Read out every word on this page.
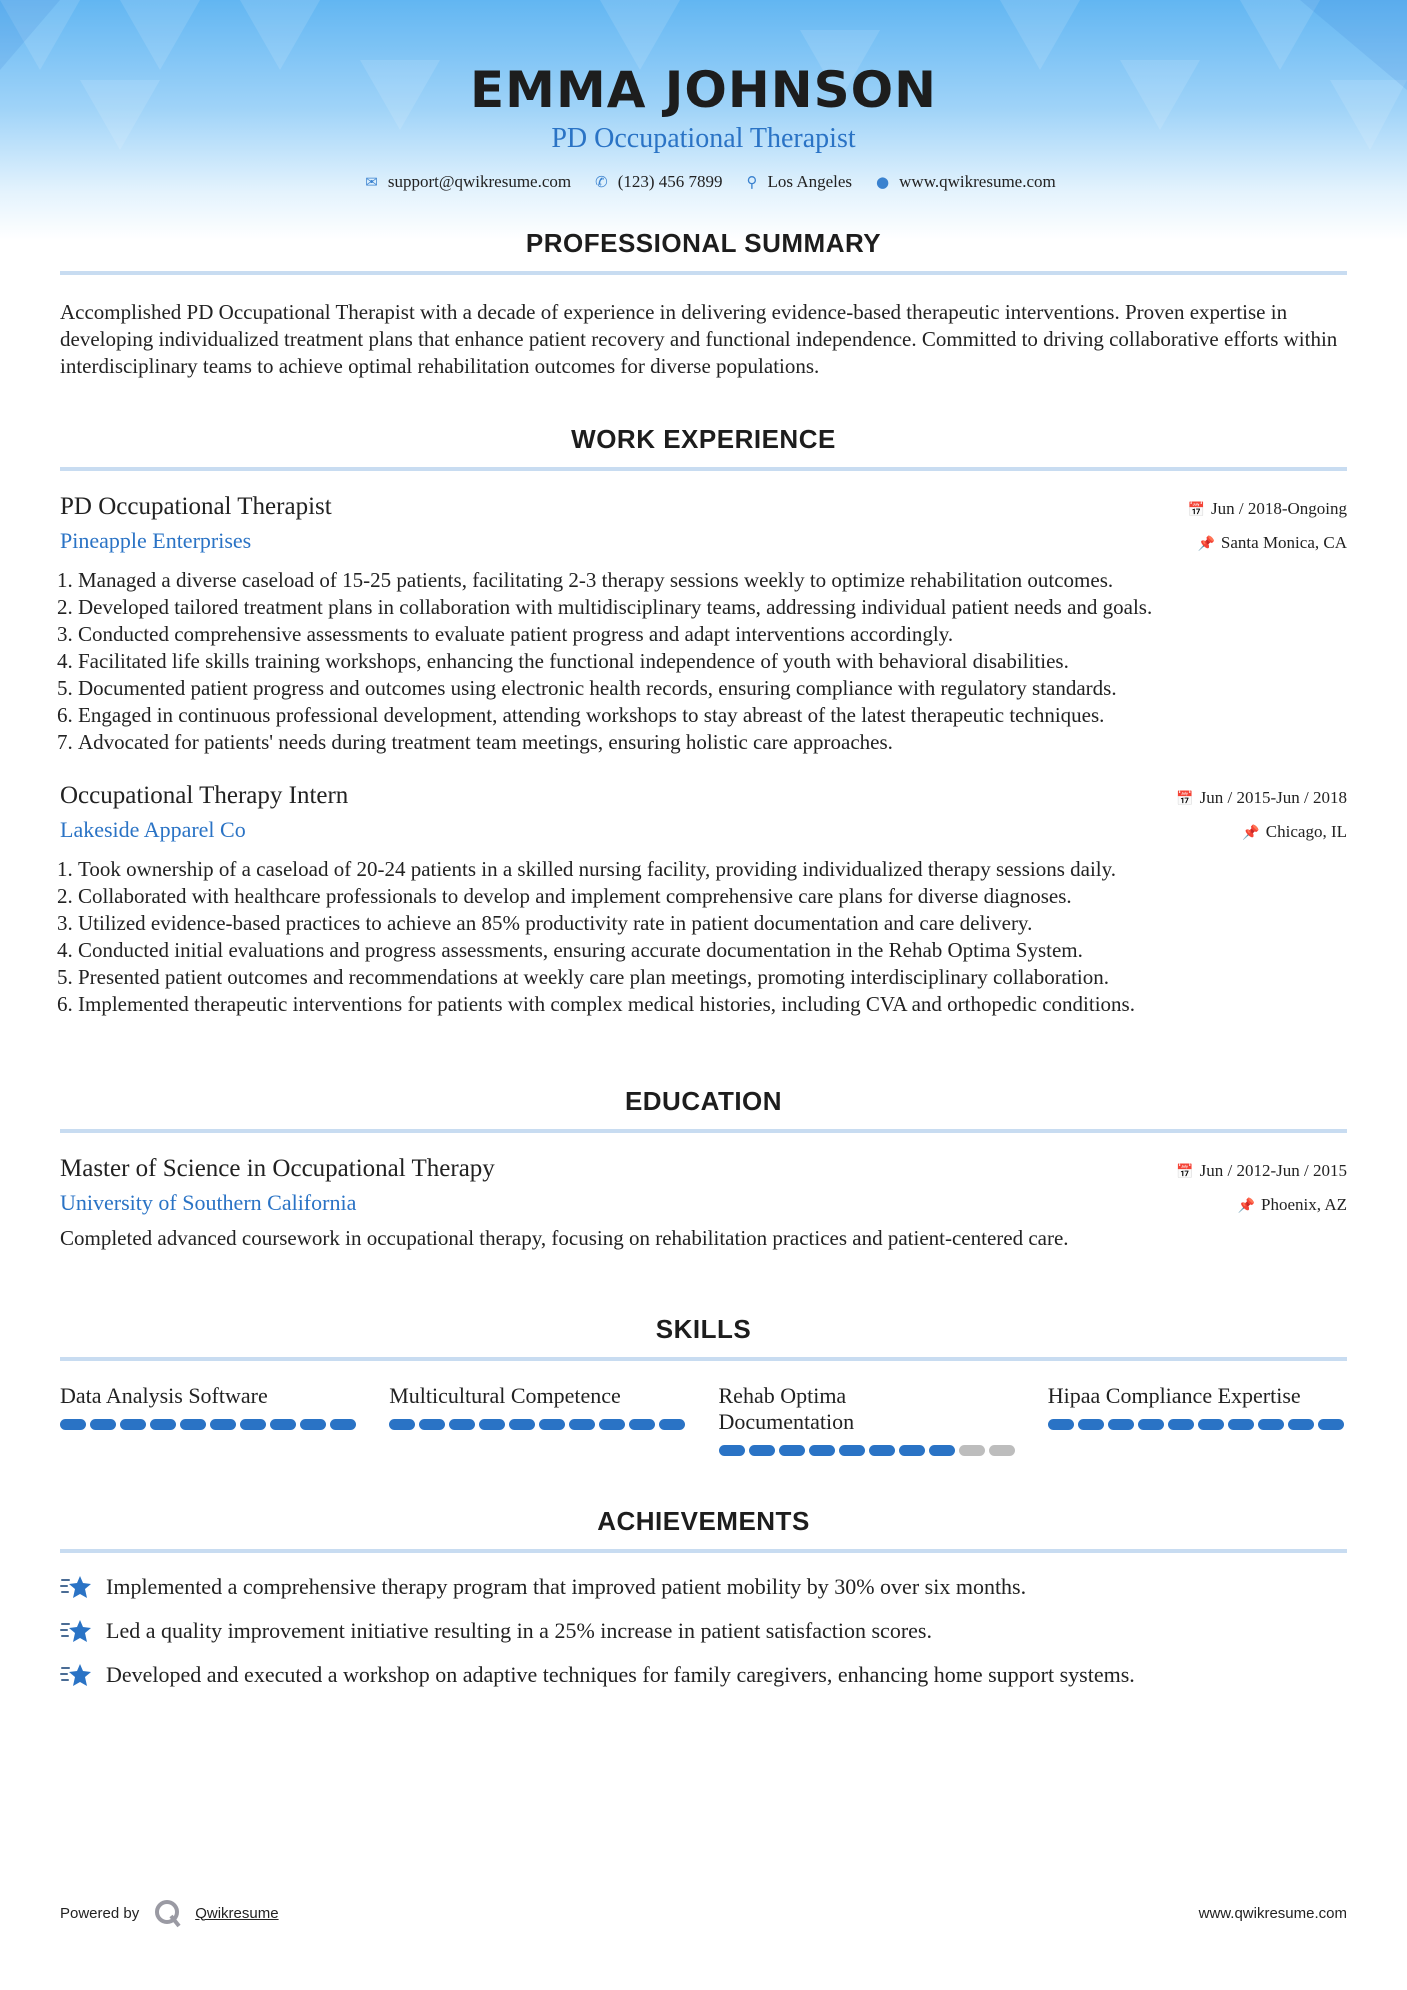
EMMA JOHNSON
PD Occupational Therapist
✉ support@qwikresume.com ✆ (123) 456 7899 ⚲ Los Angeles ● www.qwikresume.com
PROFESSIONAL SUMMARY

Accomplished PD Occupational Therapist with a decade of experience in delivering evidence-based therapeutic interventions. Proven expertise in developing individualized treatment plans that enhance patient recovery and functional independence. Committed to driving collaborative efforts within interdisciplinary teams to achieve optimal rehabilitation outcomes for diverse populations.

WORK EXPERIENCE
PD Occupational Therapist	📅 Jun / 2018-Ongoing
Pineapple Enterprises	📌 Santa Monica, CA
1. Managed a diverse caseload of 15-25 patients, facilitating 2-3 therapy sessions weekly to optimize rehabilitation outcomes.
2. Developed tailored treatment plans in collaboration with multidisciplinary teams, addressing individual patient needs and goals.
3. Conducted comprehensive assessments to evaluate patient progress and adapt interventions accordingly.
4. Facilitated life skills training workshops, enhancing the functional independence of youth with behavioral disabilities.
5. Documented patient progress and outcomes using electronic health records, ensuring compliance with regulatory standards.
6. Engaged in continuous professional development, attending workshops to stay abreast of the latest therapeutic techniques.
7. Advocated for patients' needs during treatment team meetings, ensuring holistic care approaches.
Occupational Therapy Intern	📅 Jun / 2015-Jun / 2018
Lakeside Apparel Co	📌 Chicago, IL
1. Took ownership of a caseload of 20-24 patients in a skilled nursing facility, providing individualized therapy sessions daily.
2. Collaborated with healthcare professionals to develop and implement comprehensive care plans for diverse diagnoses.
3. Utilized evidence-based practices to achieve an 85% productivity rate in patient documentation and care delivery.
4. Conducted initial evaluations and progress assessments, ensuring accurate documentation in the Rehab Optima System.
5. Presented patient outcomes and recommendations at weekly care plan meetings, promoting interdisciplinary collaboration.
6. Implemented therapeutic interventions for patients with complex medical histories, including CVA and orthopedic conditions.
EDUCATION
Master of Science in Occupational Therapy	📅 Jun / 2012-Jun / 2015
University of Southern California	📌 Phoenix, AZ

Completed advanced coursework in occupational therapy, focusing on rehabilitation practices and patient-centered care.

SKILLS
Data Analysis Software	Multicultural Competence	Rehab Optima Documentation
Hipaa Compliance Expertise
ACHIEVEMENTS
Implemented a comprehensive therapy program that improved patient mobility by 30% over six months.
Led a quality improvement initiative resulting in a 25% increase in patient satisfaction scores.
Developed and executed a workshop on adaptive techniques for family caregivers, enhancing home support systems.
Powered by	Qwikresume	www.qwikresume.com
